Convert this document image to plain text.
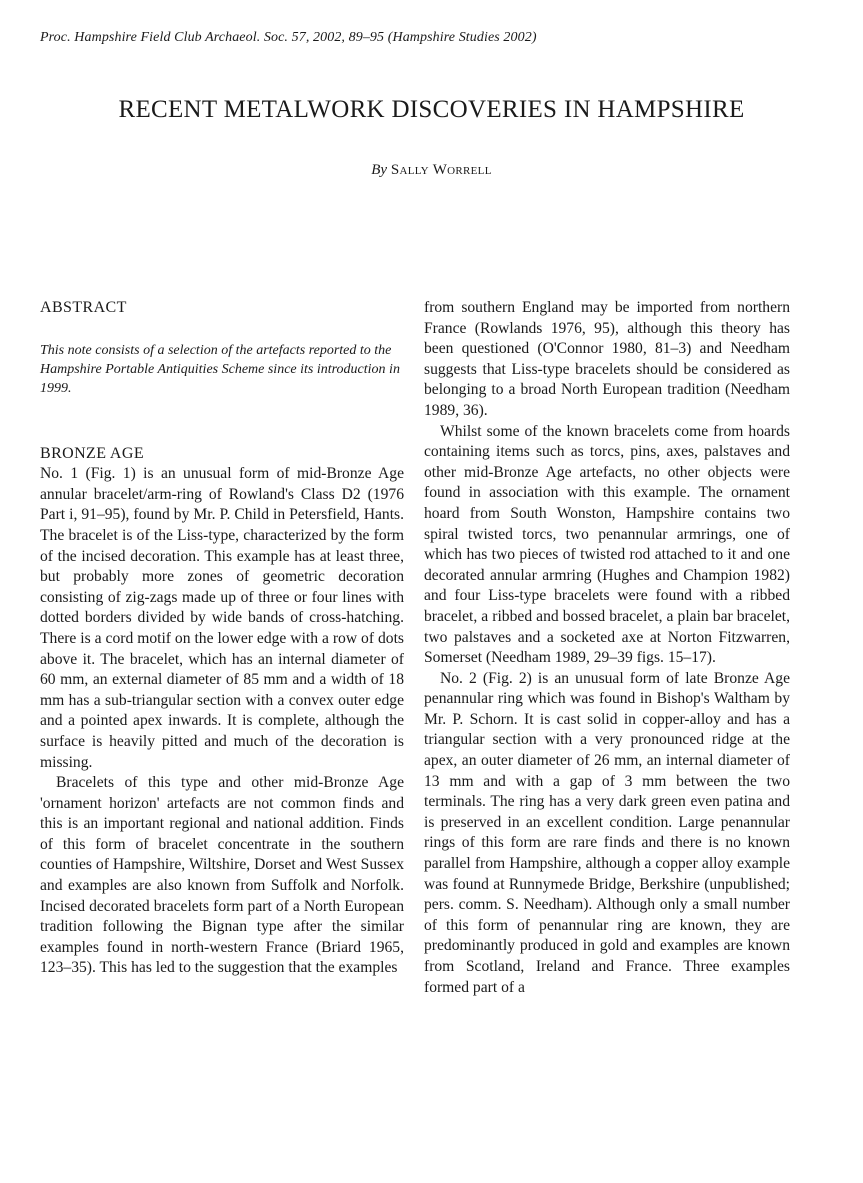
Proc. Hampshire Field Club Archaeol. Soc. 57, 2002, 89–95 (Hampshire Studies 2002)
RECENT METALWORK DISCOVERIES IN HAMPSHIRE
By Sally Worrell
ABSTRACT

This note consists of a selection of the artefacts reported to the Hampshire Portable Antiquities Scheme since its introduction in 1999.

BRONZE AGE

No. 1 (Fig. 1) is an unusual form of mid-Bronze Age annular bracelet/arm-ring of Rowland's Class D2 (1976 Part i, 91–95), found by Mr. P. Child in Petersfield, Hants. The bracelet is of the Liss-type, characterized by the form of the incised decoration. This example has at least three, but probably more zones of geometric decoration consisting of zig-zags made up of three or four lines with dotted borders divided by wide bands of cross-hatching. There is a cord motif on the lower edge with a row of dots above it. The bracelet, which has an internal diameter of 60 mm, an external diameter of 85 mm and a width of 18 mm has a sub-triangular section with a convex outer edge and a pointed apex inwards. It is complete, although the surface is heavily pitted and much of the decoration is missing.

Bracelets of this type and other mid-Bronze Age 'ornament horizon' artefacts are not common finds and this is an important regional and national addition. Finds of this form of bracelet concentrate in the southern counties of Hampshire, Wiltshire, Dorset and West Sussex and examples are also known from Suffolk and Norfolk. Incised decorated bracelets form part of a North European tradition following the Bignan type after the similar examples found in north-western France (Briard 1965, 123–35). This has led to the suggestion that the examples

from southern England may be imported from northern France (Rowlands 1976, 95), although this theory has been questioned (O'Connor 1980, 81–3) and Needham suggests that Liss-type bracelets should be considered as belonging to a broad North European tradition (Needham 1989, 36).

Whilst some of the known bracelets come from hoards containing items such as torcs, pins, axes, palstaves and other mid-Bronze Age artefacts, no other objects were found in association with this example. The ornament hoard from South Wonston, Hampshire contains two spiral twisted torcs, two penannular armrings, one of which has two pieces of twisted rod attached to it and one decorated annular armring (Hughes and Champion 1982) and four Liss-type bracelets were found with a ribbed bracelet, a ribbed and bossed bracelet, a plain bar bracelet, two palstaves and a socketed axe at Norton Fitzwarren, Somerset (Needham 1989, 29–39 figs. 15–17).

No. 2 (Fig. 2) is an unusual form of late Bronze Age penannular ring which was found in Bishop's Waltham by Mr. P. Schorn. It is cast solid in copper-alloy and has a triangular section with a very pronounced ridge at the apex, an outer diameter of 26 mm, an internal diameter of 13 mm and with a gap of 3 mm between the two terminals. The ring has a very dark green even patina and is preserved in an excellent condition. Large penannular rings of this form are rare finds and there is no known parallel from Hampshire, although a copper alloy example was found at Runnymede Bridge, Berkshire (unpublished; pers. comm. S. Needham). Although only a small number of this form of penannular ring are known, they are predominantly produced in gold and examples are known from Scotland, Ireland and France. Three examples formed part of a
